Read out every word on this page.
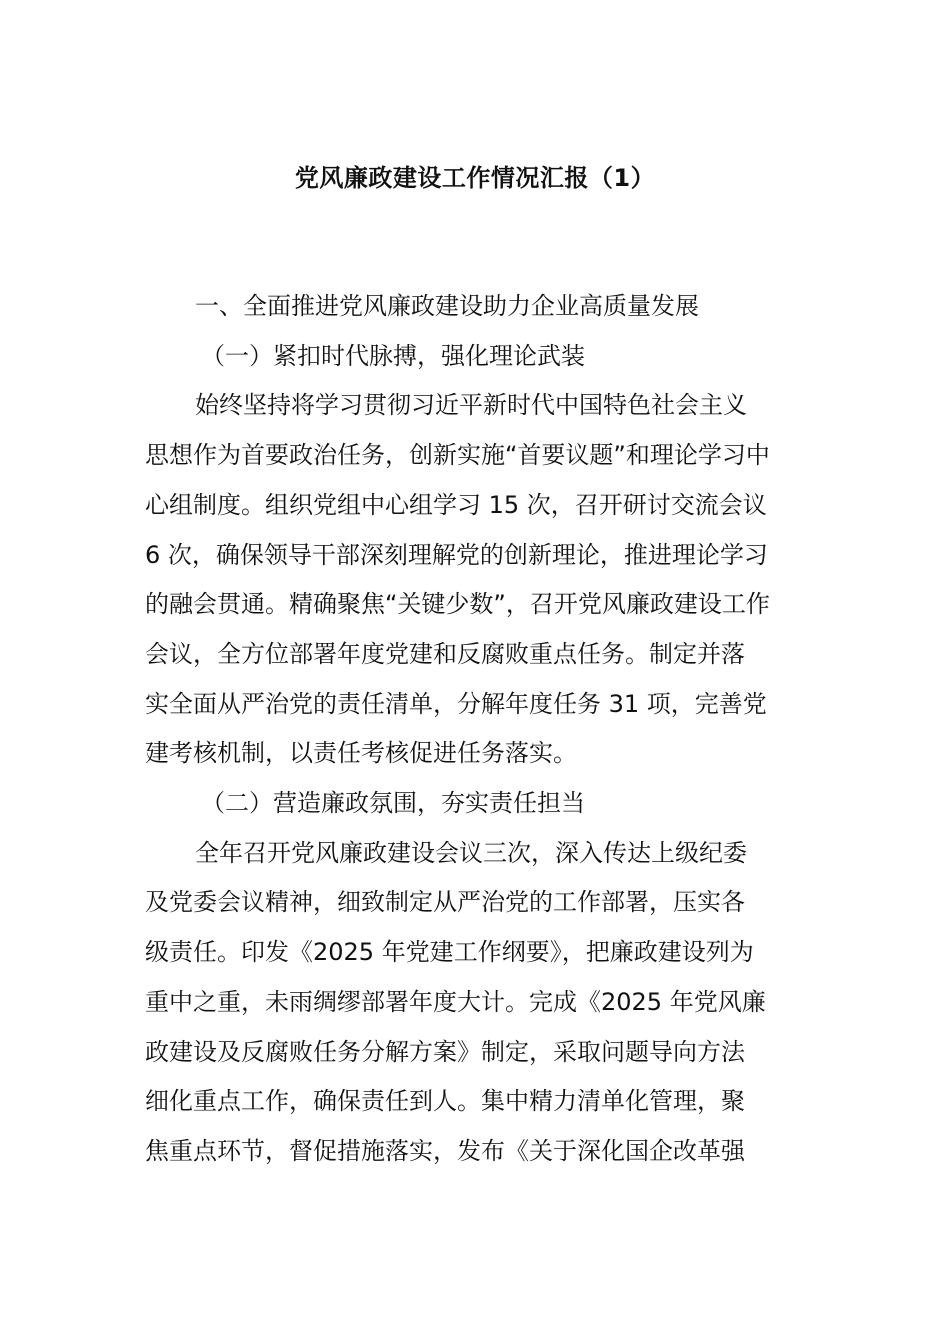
党风廉政建设工作情况汇报（1）

一、全面推进党风廉政建设助力企业高质量发展

（一）紧扣时代脉搏，强化理论武装

始终坚持将学习贯彻习近平新时代中国特色社会主义
思想作为首要政治任务，创新实施“首要议题”和理论学习中
心组制度。组织党组中心组学习 15 次，召开研讨交流会议
6 次，确保领导干部深刻理解党的创新理论，推进理论学习
的融会贯通。精确聚焦“关键少数”，召开党风廉政建设工作
会议，全方位部署年度党建和反腐败重点任务。制定并落
实全面从严治党的责任清单，分解年度任务 31 项，完善党
建考核机制，以责任考核促进任务落实。

（二）营造廉政氛围，夯实责任担当

全年召开党风廉政建设会议三次，深入传达上级纪委
及党委会议精神，细致制定从严治党的工作部署，压实各
级责任。印发《2025 年党建工作纲要》，把廉政建设列为
重中之重，未雨绸缪部署年度大计。完成《2025 年党风廉
政建设及反腐败任务分解方案》制定，采取问题导向方法
细化重点工作，确保责任到人。集中精力清单化管理，聚
焦重点环节，督促措施落实，发布《关于深化国企改革强
